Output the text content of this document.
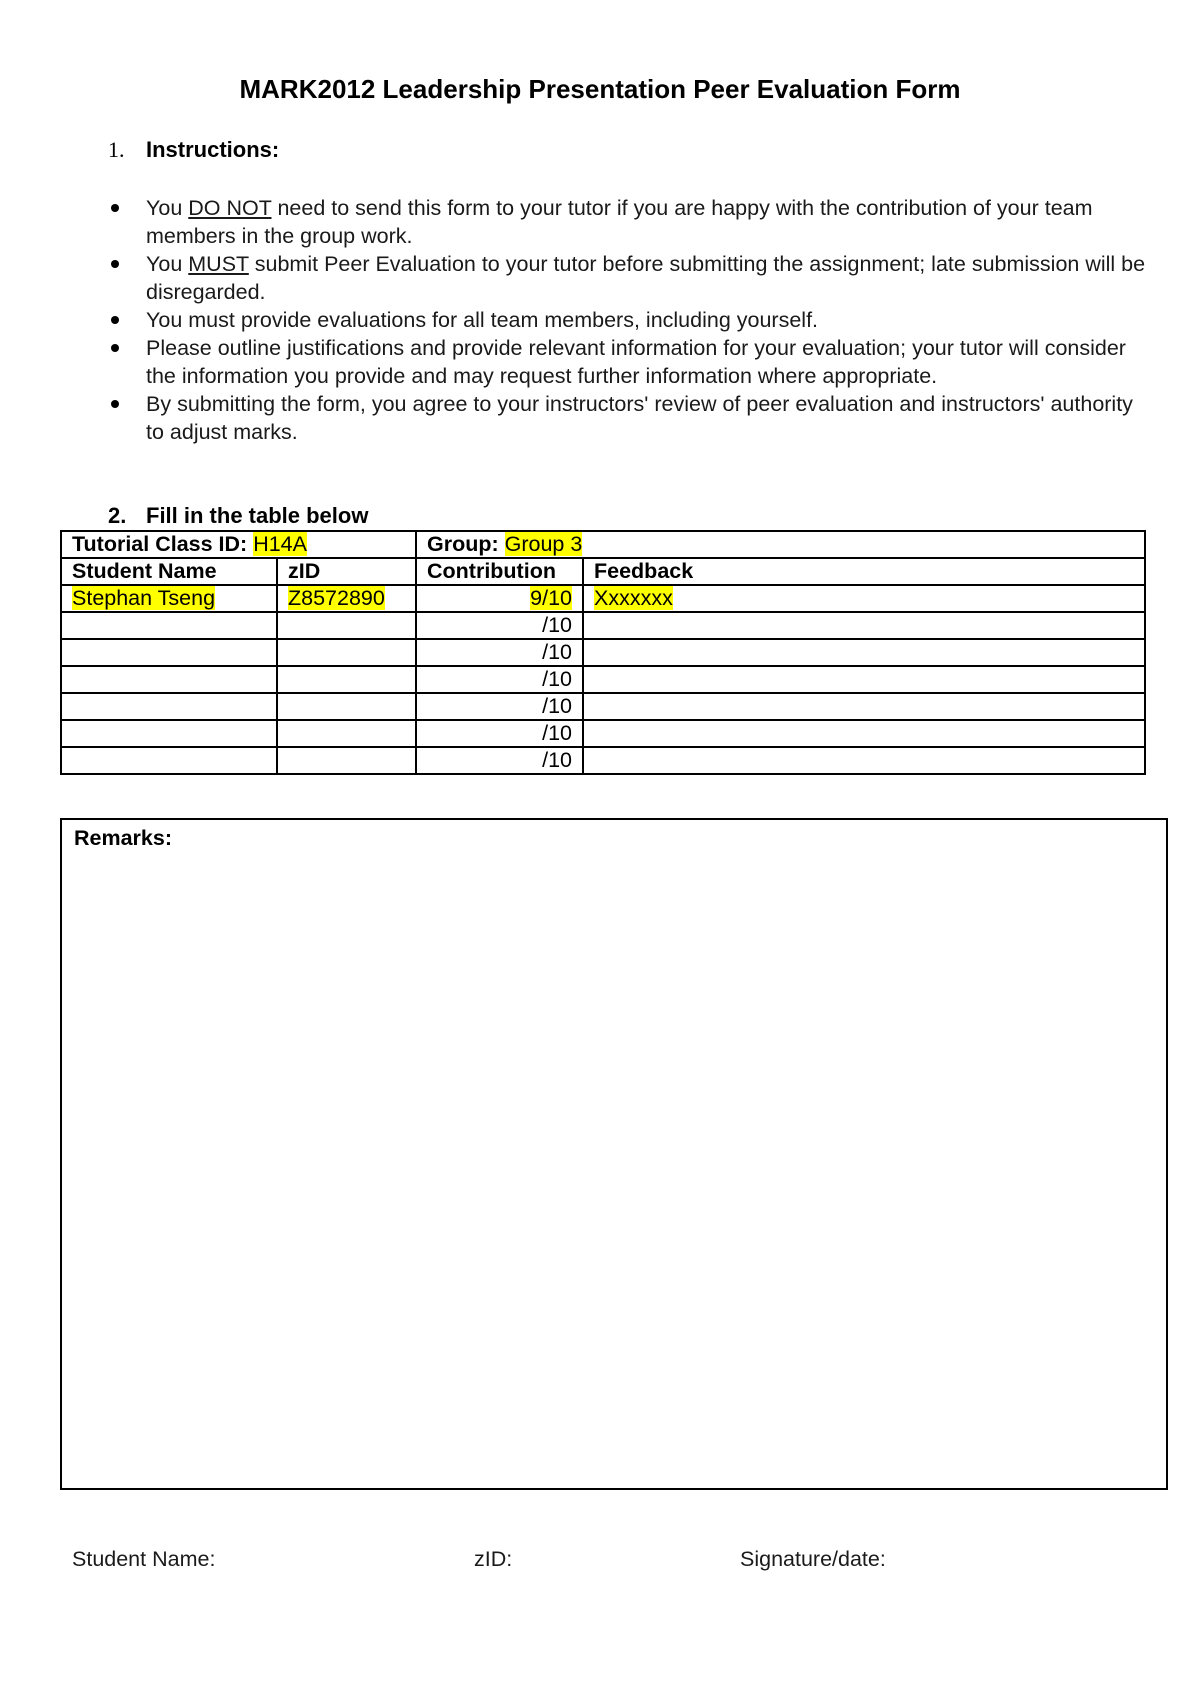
MARK2012 Leadership Presentation Peer Evaluation Form
1. Instructions:
You DO NOT need to send this form to your tutor if you are happy with the contribution of your team members in the group work.
You MUST submit Peer Evaluation to your tutor before submitting the assignment; late submission will be disregarded.
You must provide evaluations for all team members, including yourself.
Please outline justifications and provide relevant information for your evaluation; your tutor will consider the information you provide and may request further information where appropriate.
By submitting the form, you agree to your instructors' review of peer evaluation and instructors' authority to adjust marks.
2. Fill in the table below
Tutorial Class ID: H14A		Group: Group 3	
Student Name	zID	Contribution	Feedback
Stephan Tseng	Z8572890	9/10	Xxxxxxx
		/10	
		/10	
		/10	
		/10	
		/10	
		/10	
Remarks:
Student Name:	zID:	Signature/date:
